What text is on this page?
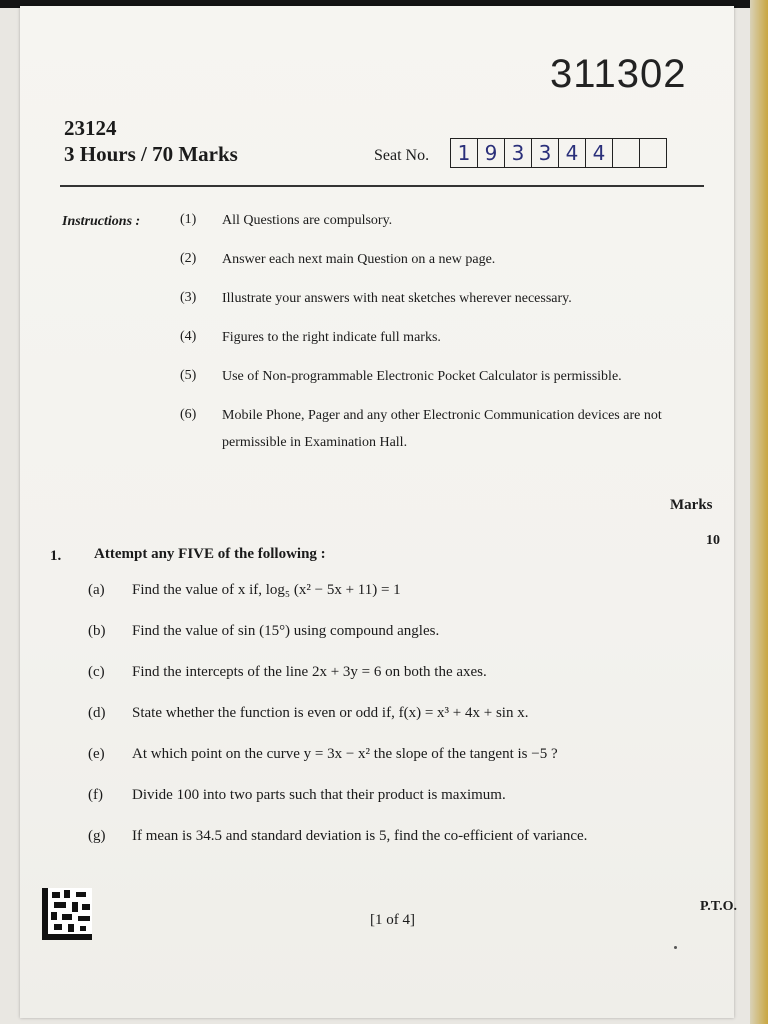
311302
23124
3 Hours / 70 Marks	Seat No.	1 9 3 3 4 4
Instructions :	(1)	All Questions are compulsory.
(2)	Answer each next main Question on a new page.
(3)	Illustrate your answers with neat sketches wherever necessary.
(4)	Figures to the right indicate full marks.
(5)	Use of Non-programmable Electronic Pocket Calculator is permissible.
(6)	Mobile Phone, Pager and any other Electronic Communication devices are not permissible in Examination Hall.
Marks
10
1. Attempt any FIVE of the following :
(a)	Find the value of x if, log₅ (x² − 5x + 11) = 1
(b)	Find the value of sin (15°) using compound angles.
(c)	Find the intercepts of the line 2x + 3y = 6 on both the axes.
(d)	State whether the function is even or odd if, f(x) = x³ + 4x + sin x.
(e)	At which point on the curve y = 3x − x² the slope of the tangent is −5 ?
(f)	Divide 100 into two parts such that their product is maximum.
(g)	If mean is 34.5 and standard deviation is 5, find the co-efficient of variance.
[1 of 4]
P.T.O.
